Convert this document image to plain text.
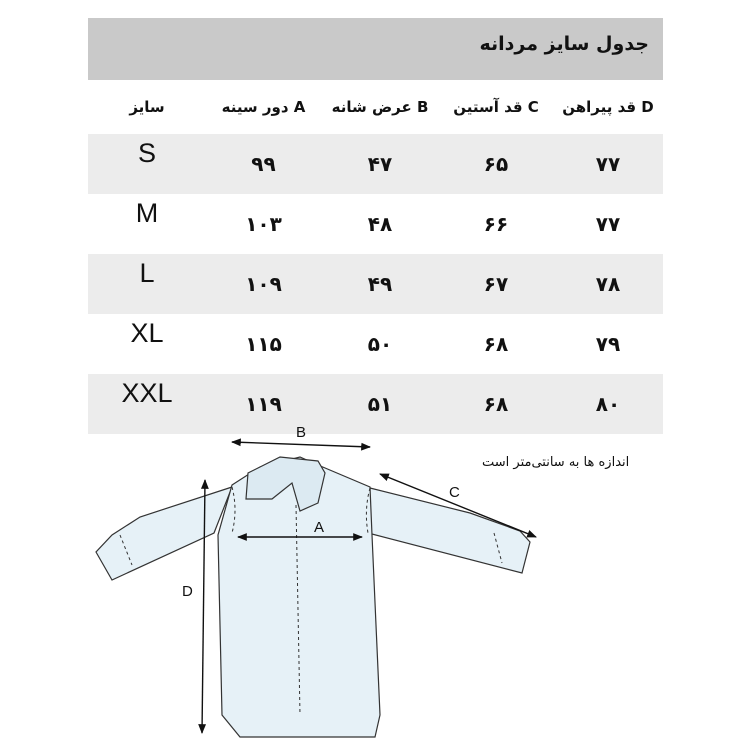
جدول سایز مردانه
سایز	A دور سینه	B عرض شانه	C قد آستین	D قد پیراهن
S	۹۹	۴۷	۶۵	۷۷
M	۱۰۳	۴۸	۶۶	۷۷
L	۱۰۹	۴۹	۶۷	۷۸
XL	۱۱۵	۵۰	۶۸	۷۹
XXL	۱۱۹	۵۱	۶۸	۸۰
اندازه ها به سانتی‌متر است
B
A
C
D
